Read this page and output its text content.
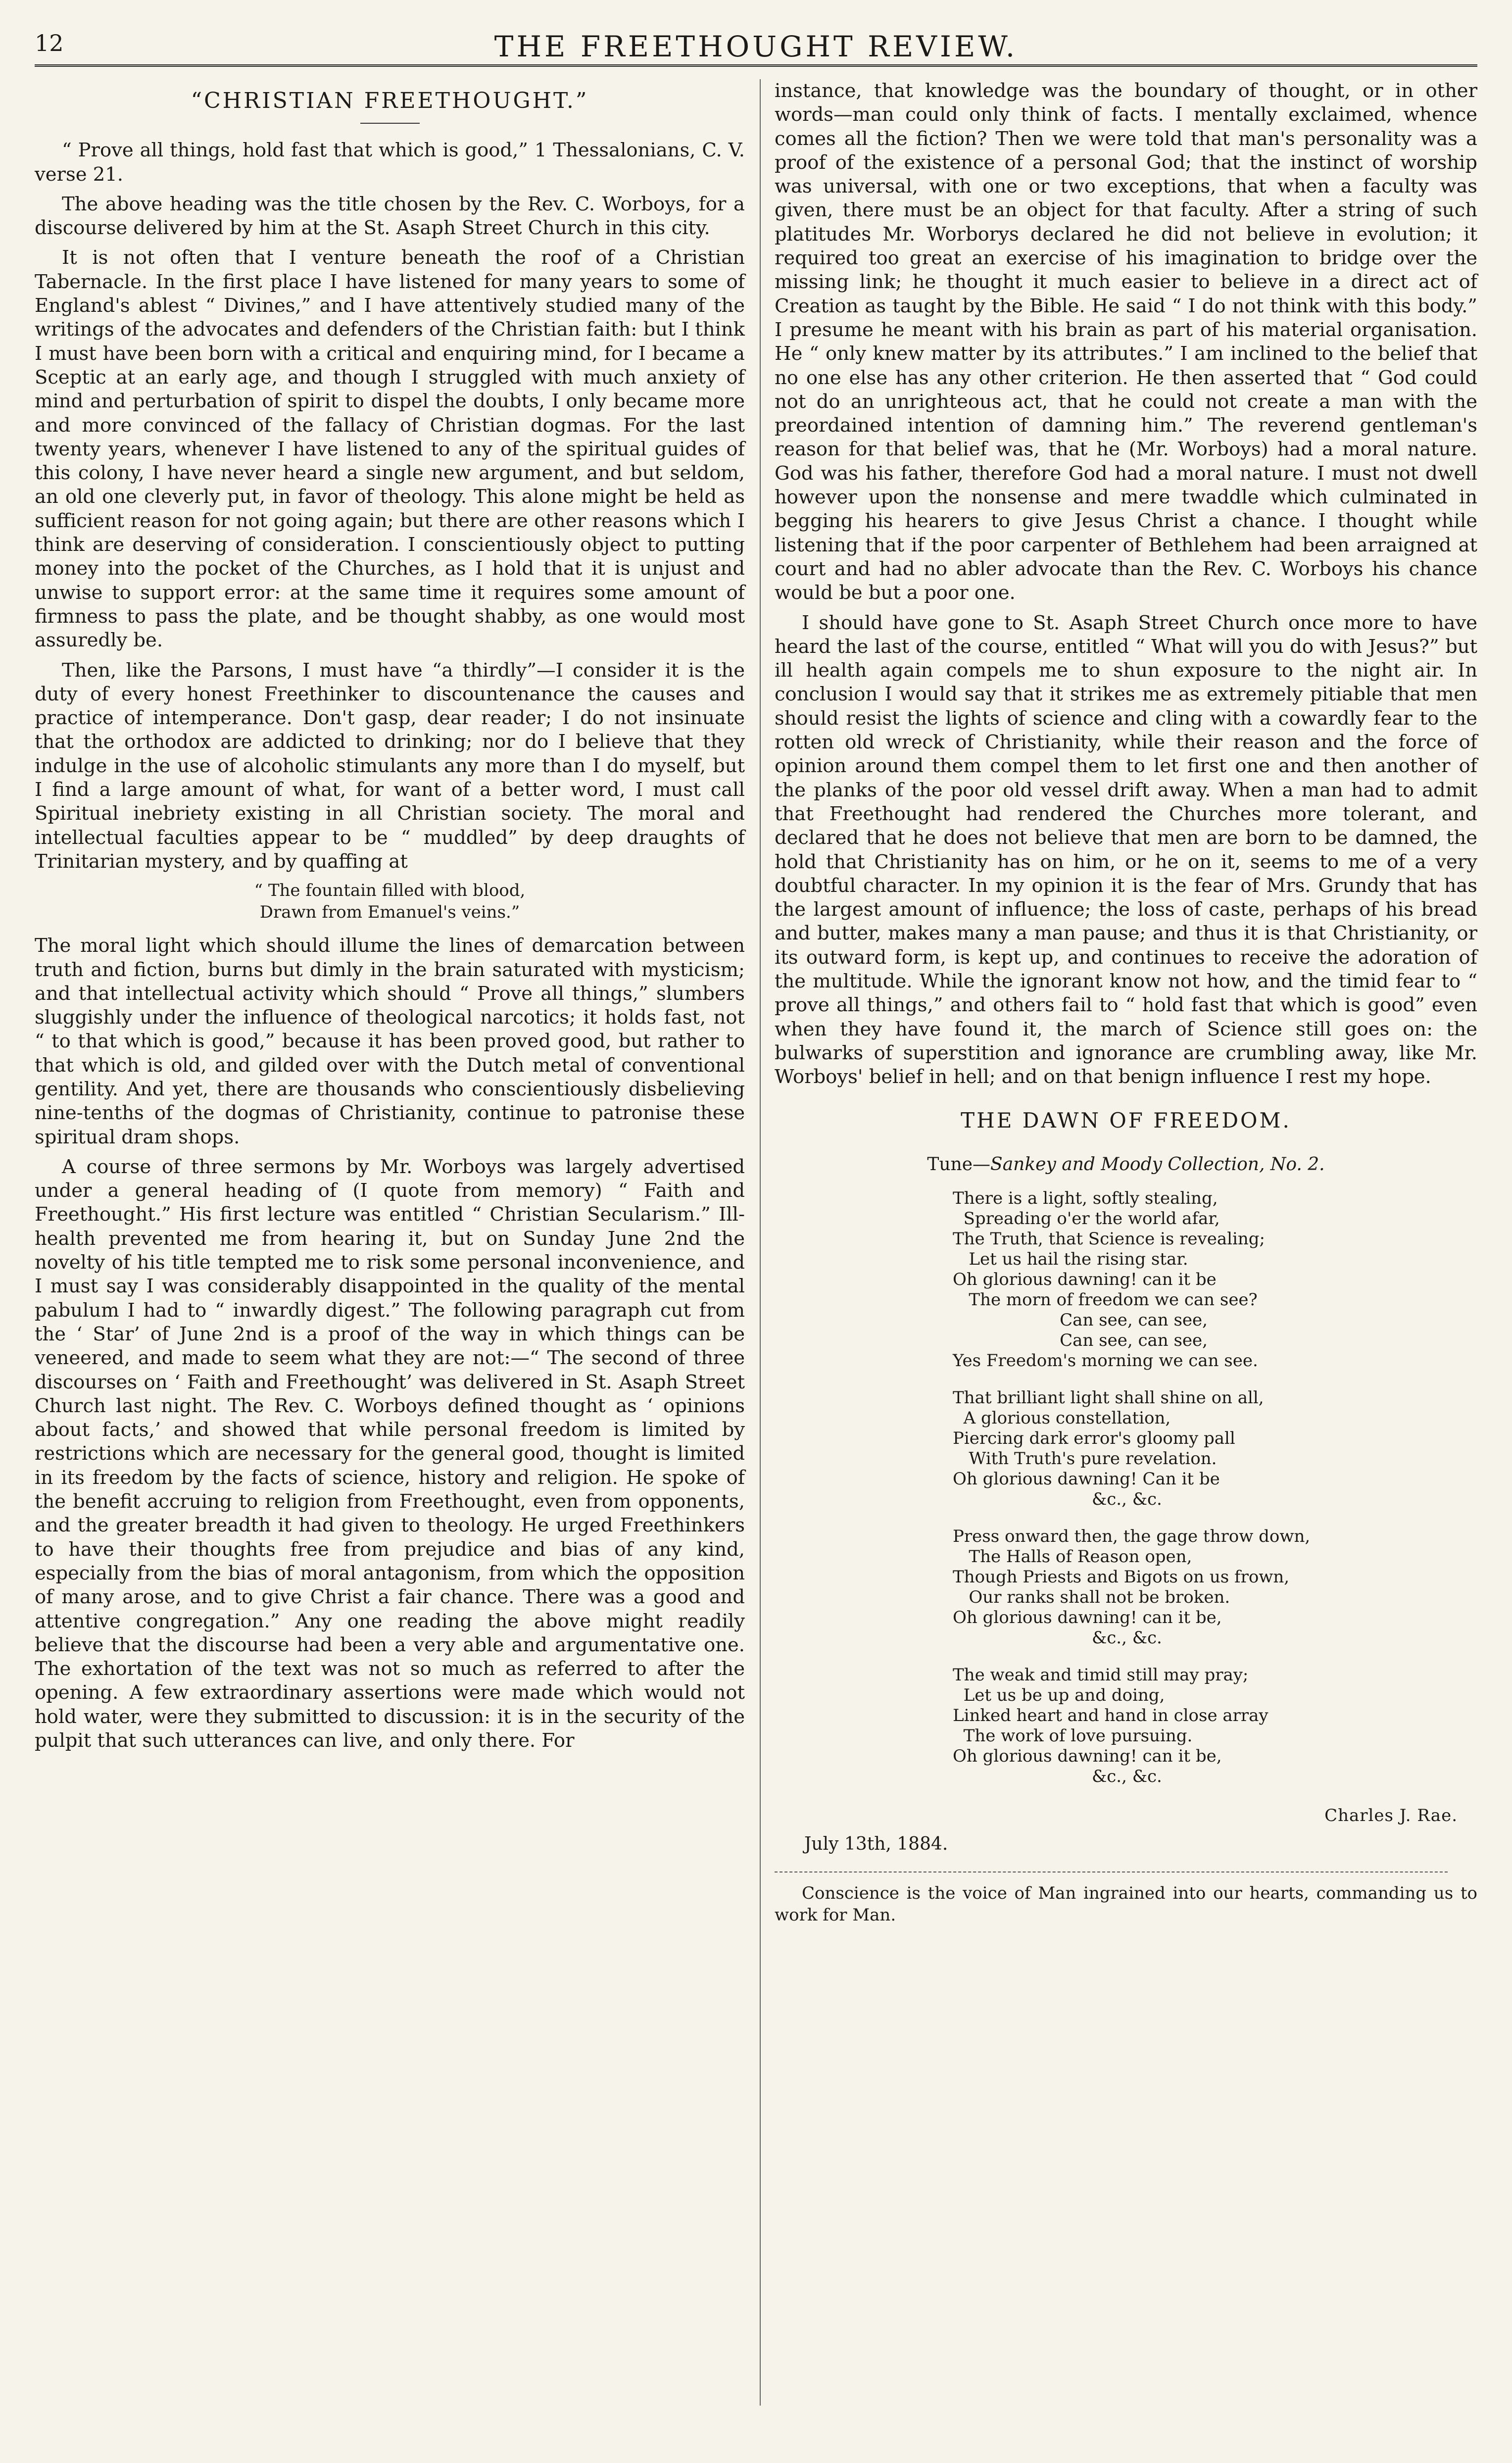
12	THE FREETHOUGHT REVIEW.
“CHRISTIAN FREETHOUGHT.”

“ Prove all things, hold fast that which is good,” 1 Thessalonians, C. V. verse 21.

The above heading was the title chosen by the Rev. C. Worboys, for a discourse delivered by him at the St. Asaph Street Church in this city.

It is not often that I venture beneath the roof of a Christian Tabernacle. In the first place I have listened for many years to some of England's ablest “ Divines,” and I have attentively studied many of the writings of the advocates and defenders of the Christian faith: but I think I must have been born with a critical and enquiring mind, for I became a Sceptic at an early age, and though I struggled with much anxiety of mind and perturbation of spirit to dispel the doubts, I only became more and more convinced of the fallacy of Christian dogmas. For the last twenty years, whenever I have listened to any of the spiritual guides of this colony, I have never heard a single new argument, and but seldom, an old one cleverly put, in favor of theology. This alone might be held as sufficient reason for not going again; but there are other reasons which I think are deserving of consideration. I conscientiously object to putting money into the pocket of the Churches, as I hold that it is unjust and unwise to support error: at the same time it requires some amount of firmness to pass the plate, and be thought shabby, as one would most assuredly be.

Then, like the Parsons, I must have “a thirdly”—I consider it is the duty of every honest Freethinker to discountenance the causes and practice of intemperance. Don't gasp, dear reader; I do not insinuate that the orthodox are addicted to drinking; nor do I believe that they indulge in the use of alcoholic stimulants any more than I do myself, but I find a large amount of what, for want of a better word, I must call Spiritual inebriety existing in all Christian society. The moral and intellectual faculties appear to be “ muddled” by deep draughts of Trinitarian mystery, and by quaffing at

“ The fountain filled with blood,
Drawn from Emanuel's veins.”

The moral light which should illume the lines of demarcation between truth and fiction, burns but dimly in the brain saturated with mysticism; and that intellectual activity which should “ Prove all things,” slumbers sluggishly under the influence of theological narcotics; it holds fast, not “ to that which is good,” because it has been proved good, but rather to that which is old, and gilded over with the Dutch metal of conventional gentility. And yet, there are thousands who conscientiously disbelieving nine-tenths of the dogmas of Christianity, continue to patronise these spiritual dram shops.

A course of three sermons by Mr. Worboys was largely advertised under a general heading of (I quote from memory) “ Faith and Freethought.” His first lecture was entitled “ Christian Secularism.” Ill-health prevented me from hearing it, but on Sunday June 2nd the novelty of his title tempted me to risk some personal inconvenience, and I must say I was considerably disappointed in the quality of the mental pabulum I had to “ inwardly digest.” The following paragraph cut from the ‘ Star’ of June 2nd is a proof of the way in which things can be veneered, and made to seem what they are not:—“ The second of three discourses on ‘ Faith and Freethought’ was delivered in St. Asaph Street Church last night. The Rev. C. Worboys defined thought as ‘ opinions about facts,’ and showed that while personal freedom is limited by restrictions which are necessary for the general good, thought is limited in its freedom by the facts of science, history and religion. He spoke of the benefit accruing to religion from Freethought, even from opponents, and the greater breadth it had given to theology. He urged Freethinkers to have their thoughts free from prejudice and bias of any kind, especially from the bias of moral antagonism, from which the opposition of many arose, and to give Christ a fair chance. There was a good and attentive congregation.” Any one reading the above might readily believe that the discourse had been a very able and argumentative one. The exhortation of the text was not so much as referred to after the opening. A few extraordinary assertions were made which would not hold water, were they submitted to discussion: it is in the security of the pulpit that such utterances can live, and only there. For

instance, that knowledge was the boundary of thought, or in other words—man could only think of facts. I mentally exclaimed, whence comes all the fiction? Then we were told that man's personality was a proof of the existence of a personal God; that the instinct of worship was universal, with one or two exceptions, that when a faculty was given, there must be an object for that faculty. After a string of such platitudes Mr. Worborys declared he did not believe in evolution; it required too great an exercise of his imagination to bridge over the missing link; he thought it much easier to believe in a direct act of Creation as taught by the Bible. He said “ I do not think with this body.” I presume he meant with his brain as part of his material organisation. He “ only knew matter by its attributes.” I am inclined to the belief that no one else has any other criterion. He then asserted that “ God could not do an unrighteous act, that he could not create a man with the preordained intention of damning him.” The reverend gentleman's reason for that belief was, that he (Mr. Worboys) had a moral nature. God was his father, therefore God had a moral nature. I must not dwell however upon the nonsense and mere twaddle which culminated in begging his hearers to give Jesus Christ a chance. I thought while listening that if the poor carpenter of Bethlehem had been arraigned at court and had no abler advocate than the Rev. C. Worboys his chance would be but a poor one.

I should have gone to St. Asaph Street Church once more to have heard the last of the course, entitled “ What will you do with Jesus?” but ill health again compels me to shun exposure to the night air. In conclusion I would say that it strikes me as extremely pitiable that men should resist the lights of science and cling with a cowardly fear to the rotten old wreck of Christianity, while their reason and the force of opinion around them compel them to let first one and then another of the planks of the poor old vessel drift away. When a man had to admit that Freethought had rendered the Churches more tolerant, and declared that he does not believe that men are born to be damned, the hold that Christianity has on him, or he on it, seems to me of a very doubtful character. In my opinion it is the fear of Mrs. Grundy that has the largest amount of influence; the loss of caste, perhaps of his bread and butter, makes many a man pause; and thus it is that Christianity, or its outward form, is kept up, and continues to receive the adoration of the multitude. While the ignorant know not how, and the timid fear to “ prove all things,” and others fail to “ hold fast that which is good” even when they have found it, the march of Science still goes on: the bulwarks of superstition and ignorance are crumbling away, like Mr. Worboys' belief in hell; and on that benign influence I rest my hope.

THE DAWN OF FREEDOM.
Tune—Sankey and Moody Collection, No. 2.
There is a light, softly stealing,
Spreading o'er the world afar,
The Truth, that Science is revealing;
Let us hail the rising star.
Oh glorious dawning! can it be
The morn of freedom we can see?
Can see, can see,
Can see, can see,
Yes Freedom's morning we can see.
That brilliant light shall shine on all,
A glorious constellation,
Piercing dark error's gloomy pall
With Truth's pure revelation.
Oh glorious dawning! Can it be
&c., &c.
Press onward then, the gage throw down,
The Halls of Reason open,
Though Priests and Bigots on us frown,
Our ranks shall not be broken.
Oh glorious dawning! can it be,
&c., &c.
The weak and timid still may pray;
Let us be up and doing,
Linked heart and hand in close array
The work of love pursuing.
Oh glorious dawning! can it be,
&c., &c.
Charles J. Rae.
July 13th, 1884.
Conscience is the voice of Man ingrained into our hearts, commanding us to work for Man.
